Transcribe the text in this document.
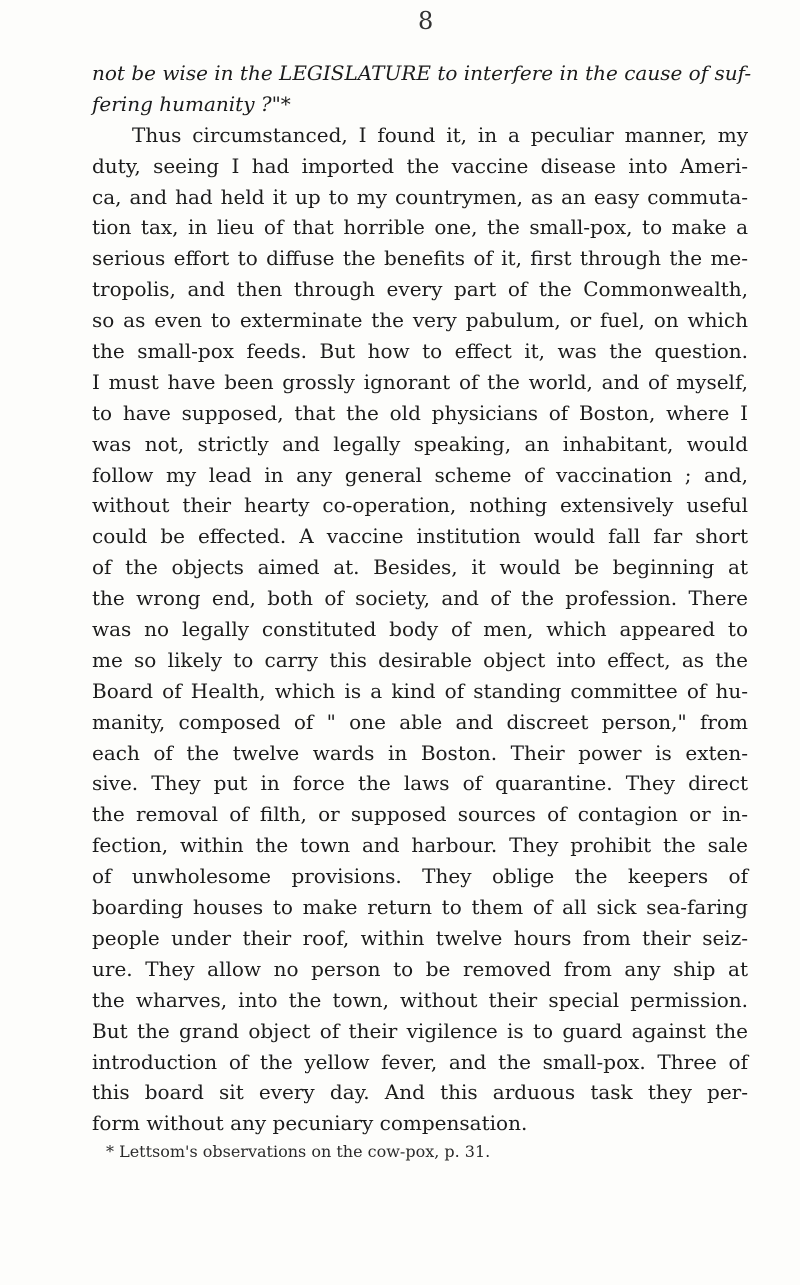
8
not be wise in the LEGISLATURE to interfere in the cause of suf-
fering humanity ?"*
Thus circumstanced, I found it, in a peculiar manner, my
duty, seeing I had imported the vaccine disease into Ameri-
ca, and had held it up to my countrymen, as an easy commuta-
tion tax, in lieu of that horrible one, the small-pox, to make a
serious effort to diffuse the benefits of it, first through the me-
tropolis, and then through every part of the Commonwealth,
so as even to exterminate the very pabulum, or fuel, on which
the small-pox feeds. But how to effect it, was the question.
I must have been grossly ignorant of the world, and of myself,
to have supposed, that the old physicians of Boston, where I
was not, strictly and legally speaking, an inhabitant, would
follow my lead in any general scheme of vaccination ; and,
without their hearty co-operation, nothing extensively useful
could be effected. A vaccine institution would fall far short
of the objects aimed at. Besides, it would be beginning at
the wrong end, both of society, and of the profession. There
was no legally constituted body of men, which appeared to
me so likely to carry this desirable object into effect, as the
Board of Health, which is a kind of standing committee of hu-
manity, composed of " one able and discreet person," from
each of the twelve wards in Boston. Their power is exten-
sive. They put in force the laws of quarantine. They direct
the removal of filth, or supposed sources of contagion or in-
fection, within the town and harbour. They prohibit the sale
of unwholesome provisions. They oblige the keepers of
boarding houses to make return to them of all sick sea-faring
people under their roof, within twelve hours from their seiz-
ure. They allow no person to be removed from any ship at
the wharves, into the town, without their special permission.
But the grand object of their vigilence is to guard against the
introduction of the yellow fever, and the small-pox. Three of
this board sit every day. And this arduous task they per-
form without any pecuniary compensation.
* Lettsom's observations on the cow-pox, p. 31.
